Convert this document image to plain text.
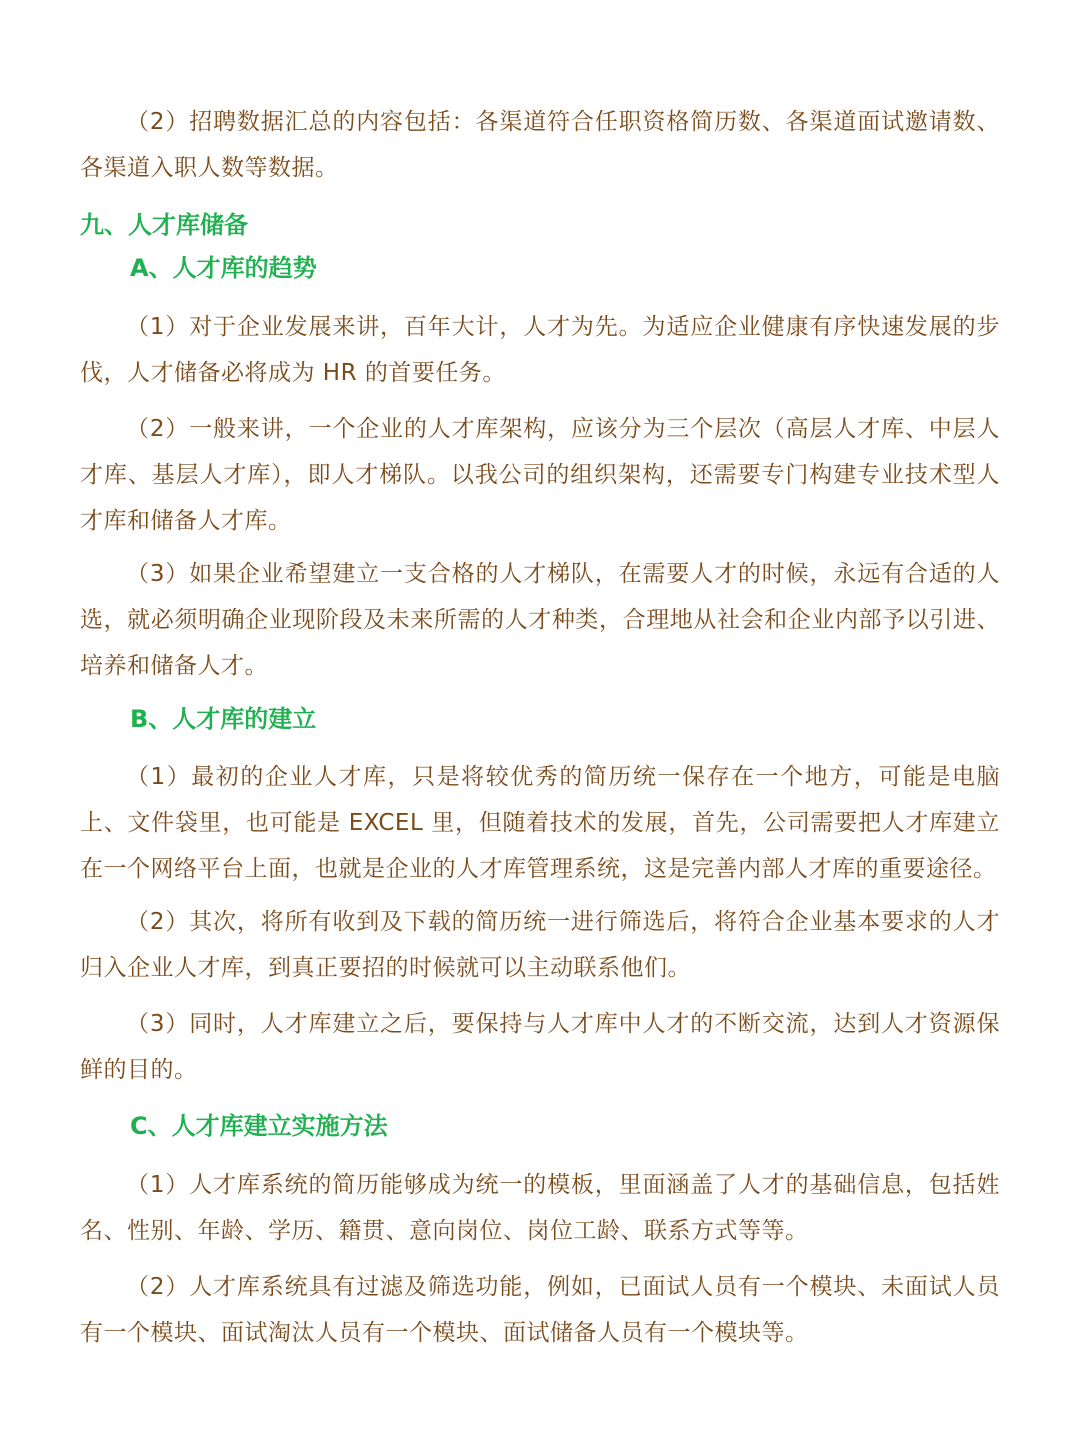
（2）招聘数据汇总的内容包括：各渠道符合任职资格简历数、各渠道面试邀请数、各渠道入职人数等数据。

九、人才库储备
A、人才库的趋势

（1）对于企业发展来讲，百年大计，人才为先。为适应企业健康有序快速发展的步伐，人才储备必将成为 HR 的首要任务。

（2）一般来讲，一个企业的人才库架构，应该分为三个层次（高层人才库、中层人才库、基层人才库），即人才梯队。以我公司的组织架构，还需要专门构建专业技术型人才库和储备人才库。

（3）如果企业希望建立一支合格的人才梯队，在需要人才的时候，永远有合适的人选，就必须明确企业现阶段及未来所需的人才种类，合理地从社会和企业内部予以引进、培养和储备人才。

B、人才库的建立

（1）最初的企业人才库，只是将较优秀的简历统一保存在一个地方，可能是电脑上、文件袋里，也可能是 EXCEL 里，但随着技术的发展，首先，公司需要把人才库建立在一个网络平台上面，也就是企业的人才库管理系统，这是完善内部人才库的重要途径。

（2）其次，将所有收到及下载的简历统一进行筛选后，将符合企业基本要求的人才归入企业人才库，到真正要招的时候就可以主动联系他们。

（3）同时，人才库建立之后，要保持与人才库中人才的不断交流，达到人才资源保鲜的目的。

C、人才库建立实施方法

（1）人才库系统的简历能够成为统一的模板，里面涵盖了人才的基础信息，包括姓名、性别、年龄、学历、籍贯、意向岗位、岗位工龄、联系方式等等。

（2）人才库系统具有过滤及筛选功能，例如，已面试人员有一个模块、未面试人员有一个模块、面试淘汰人员有一个模块、面试储备人员有一个模块等。
